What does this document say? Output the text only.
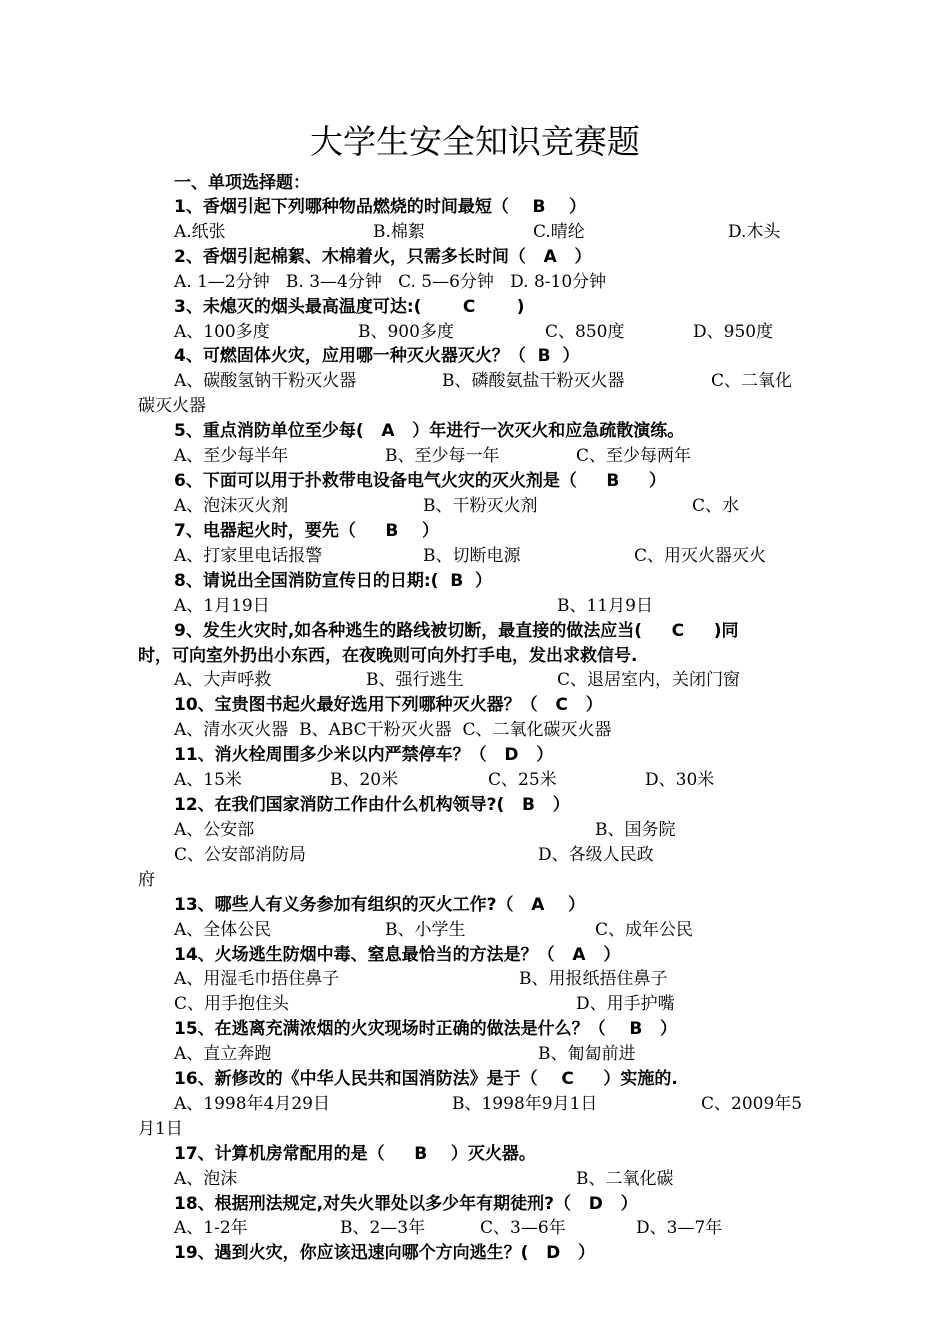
大学生安全知识竞赛题
一、单项选择题：
1、香烟引起下列哪种物品燃烧的时间最短（    B    ）
A.纸张	B.棉絮	C.晴纶	D.木头
2、香烟引起棉絮、木棉着火，只需多长时间（   A   ）
A. 1—2分钟   B. 3—4分钟   C. 5—6分钟   D. 8-10分钟
3、未熄灭的烟头最高温度可达:(       C       )
A、100多度	B、900多度	C、850度	D、950度
4、可燃固体火灾，应用哪一种灭火器灭火？（  B  ）
A、碳酸氢钠干粉灭火器	B、磷酸氨盐干粉灭火器	C、二氧化
碳灭火器
5、重点消防单位至少每(   A   ）年进行一次灭火和应急疏散演练。
A、至少每半年	B、至少每一年	C、至少每两年
6、下面可以用于扑救带电设备电气火灾的灭火剂是（     B     ）
A、泡沫灭火剂	B、干粉灭火剂	C、水
7、电器起火时，要先（     B    ）
A、打家里电话报警	B、切断电源	C、用灭火器灭火
8、请说出全国消防宣传日的日期:(  B  ）
A、1月19日	B、11月9日
9、发生火灾时,如各种逃生的路线被切断，最直接的做法应当(     C     )同
时，可向室外扔出小东西，在夜晚则可向外打手电，发出求救信号.
A、大声呼救	B、强行逃生	C、退居室内，关闭门窗
10、宝贵图书起火最好选用下列哪种灭火器？（   C   ）
A、清水灭火器  B、ABC干粉灭火器  C、二氧化碳灭火器
11、消火栓周围多少米以内严禁停车？（   D   ）
A、15米	B、20米	C、25米	D、30米
12、在我们国家消防工作由什么机构领导?(   B   ）
A、公安部	B、国务院
C、公安部消防局	D、各级人民政
府
13、哪些人有义务参加有组织的灭火工作?（   A    ）
A、全体公民	B、小学生	C、成年公民
14、火场逃生防烟中毒、窒息最恰当的方法是？（   A   ）
A、用湿毛巾捂住鼻子	B、用报纸捂住鼻子
C、用手抱住头	D、用手护嘴
15、在逃离充满浓烟的火灾现场时正确的做法是什么？（    B   ）
A、直立奔跑	B、匍匐前进
16、新修改的《中华人民共和国消防法》是于（    C     ）实施的.
A、1998年4月29日	B、1998年9月1日	C、2009年5
月1日
17、计算机房常配用的是（     B    ）灭火器。
A、泡沫	B、二氧化碳
18、根据刑法规定,对失火罪处以多少年有期徒刑?（   D   ）
A、1-2年	B、2—3年	C、3—6年	D、3—7年
19、遇到火灾，你应该迅速向哪个方向逃生？(   D   ）
